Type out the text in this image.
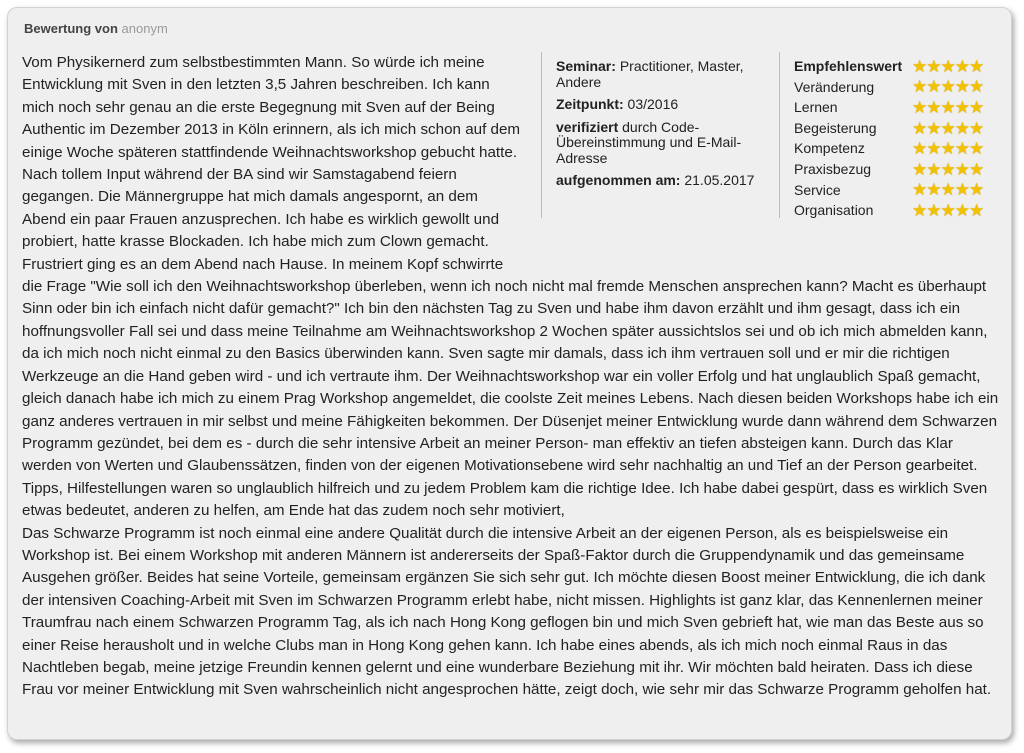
Bewertung von anonym
Seminar: Practitioner, Master, Andere
Zeitpunkt: 03/2016
verifiziert durch Code-Übereinstimmung und E-Mail-Adresse
aufgenommen am: 21.05.2017
Empfehlenswert ★ ★ ★ ★ ★
Veränderung	★ ★ ★ ★ ★
Lernen	★ ★ ★ ★ ★
Begeisterung	★ ★ ★ ★ ★
Kompetenz	★ ★ ★ ★ ★
Praxisbezug	★ ★ ★ ★ ★
Service	★ ★ ★ ★ ★
Organisation	★ ★ ★ ★ ★
Vom Physikernerd zum selbstbestimmten Mann. So würde ich meine Entwicklung mit Sven in den letzten 3,5 Jahren beschreiben. Ich kann mich noch sehr genau an die erste Begegnung mit Sven auf der Being Authentic im Dezember 2013 in Köln erinnern, als ich mich schon auf dem einige Woche späteren stattfindende Weihnachtsworkshop gebucht hatte. Nach tollem Input während der BA sind wir Samstagabend feiern gegangen. Die Männergruppe hat mich damals angespornt, an dem Abend ein paar Frauen anzusprechen. Ich habe es wirklich gewollt und probiert, hatte krasse Blockaden. Ich habe mich zum Clown gemacht. Frustriert ging es an dem Abend nach Hause. In meinem Kopf schwirrte die Frage "Wie soll ich den Weihnachtsworkshop überleben, wenn ich noch nicht mal fremde Menschen ansprechen kann? Macht es überhaupt Sinn oder bin ich einfach nicht dafür gemacht?" Ich bin den nächsten Tag zu Sven und habe ihm davon erzählt und ihm gesagt, dass ich ein hoffnungsvoller Fall sei und dass meine Teilnahme am Weihnachtsworkshop 2 Wochen später aussichtslos sei und ob ich mich abmelden kann, da ich mich noch nicht einmal zu den Basics überwinden kann. Sven sagte mir damals, dass ich ihm vertrauen soll und er mir die richtigen Werkzeuge an die Hand geben wird - und ich vertraute ihm. Der Weihnachtsworkshop war ein voller Erfolg und hat unglaublich Spaß gemacht, gleich danach habe ich mich zu einem Prag Workshop angemeldet, die coolste Zeit meines Lebens. Nach diesen beiden Workshops habe ich ein ganz anderes vertrauen in mir selbst und meine Fähigkeiten bekommen. Der Düsenjet meiner Entwicklung wurde dann während dem Schwarzen Programm gezündet, bei dem es - durch die sehr intensive Arbeit an meiner Person- man effektiv an tiefen absteigen kann. Durch das Klar werden von Werten und Glaubenssätzen, finden von der eigenen Motivationsebene wird sehr nachhaltig an und Tief an der Person gearbeitet. Tipps, Hilfestellungen waren so unglaublich hilfreich und zu jedem Problem kam die richtige Idee. Ich habe dabei gespürt, dass es wirklich Sven etwas bedeutet, anderen zu helfen, am Ende hat das zudem noch sehr motiviert,
Das Schwarze Programm ist noch einmal eine andere Qualität durch die intensive Arbeit an der eigenen Person, als es beispielsweise ein Workshop ist. Bei einem Workshop mit anderen Männern ist andererseits der Spaß-Faktor durch die Gruppendynamik und das gemeinsame Ausgehen größer. Beides hat seine Vorteile, gemeinsam ergänzen Sie sich sehr gut. Ich möchte diesen Boost meiner Entwicklung, die ich dank der intensiven Coaching-Arbeit mit Sven im Schwarzen Programm erlebt habe, nicht missen. Highlights ist ganz klar, das Kennenlernen meiner Traumfrau nach einem Schwarzen Programm Tag, als ich nach Hong Kong geflogen bin und mich Sven gebrieft hat, wie man das Beste aus so einer Reise herausholt und in welche Clubs man in Hong Kong gehen kann. Ich habe eines abends, als ich mich noch einmal Raus in das Nachtleben begab, meine jetzige Freundin kennen gelernt und eine wunderbare Beziehung mit ihr. Wir möchten bald heiraten. Dass ich diese Frau vor meiner Entwicklung mit Sven wahrscheinlich nicht angesprochen hätte, zeigt doch, wie sehr mir das Schwarze Programm geholfen hat.
